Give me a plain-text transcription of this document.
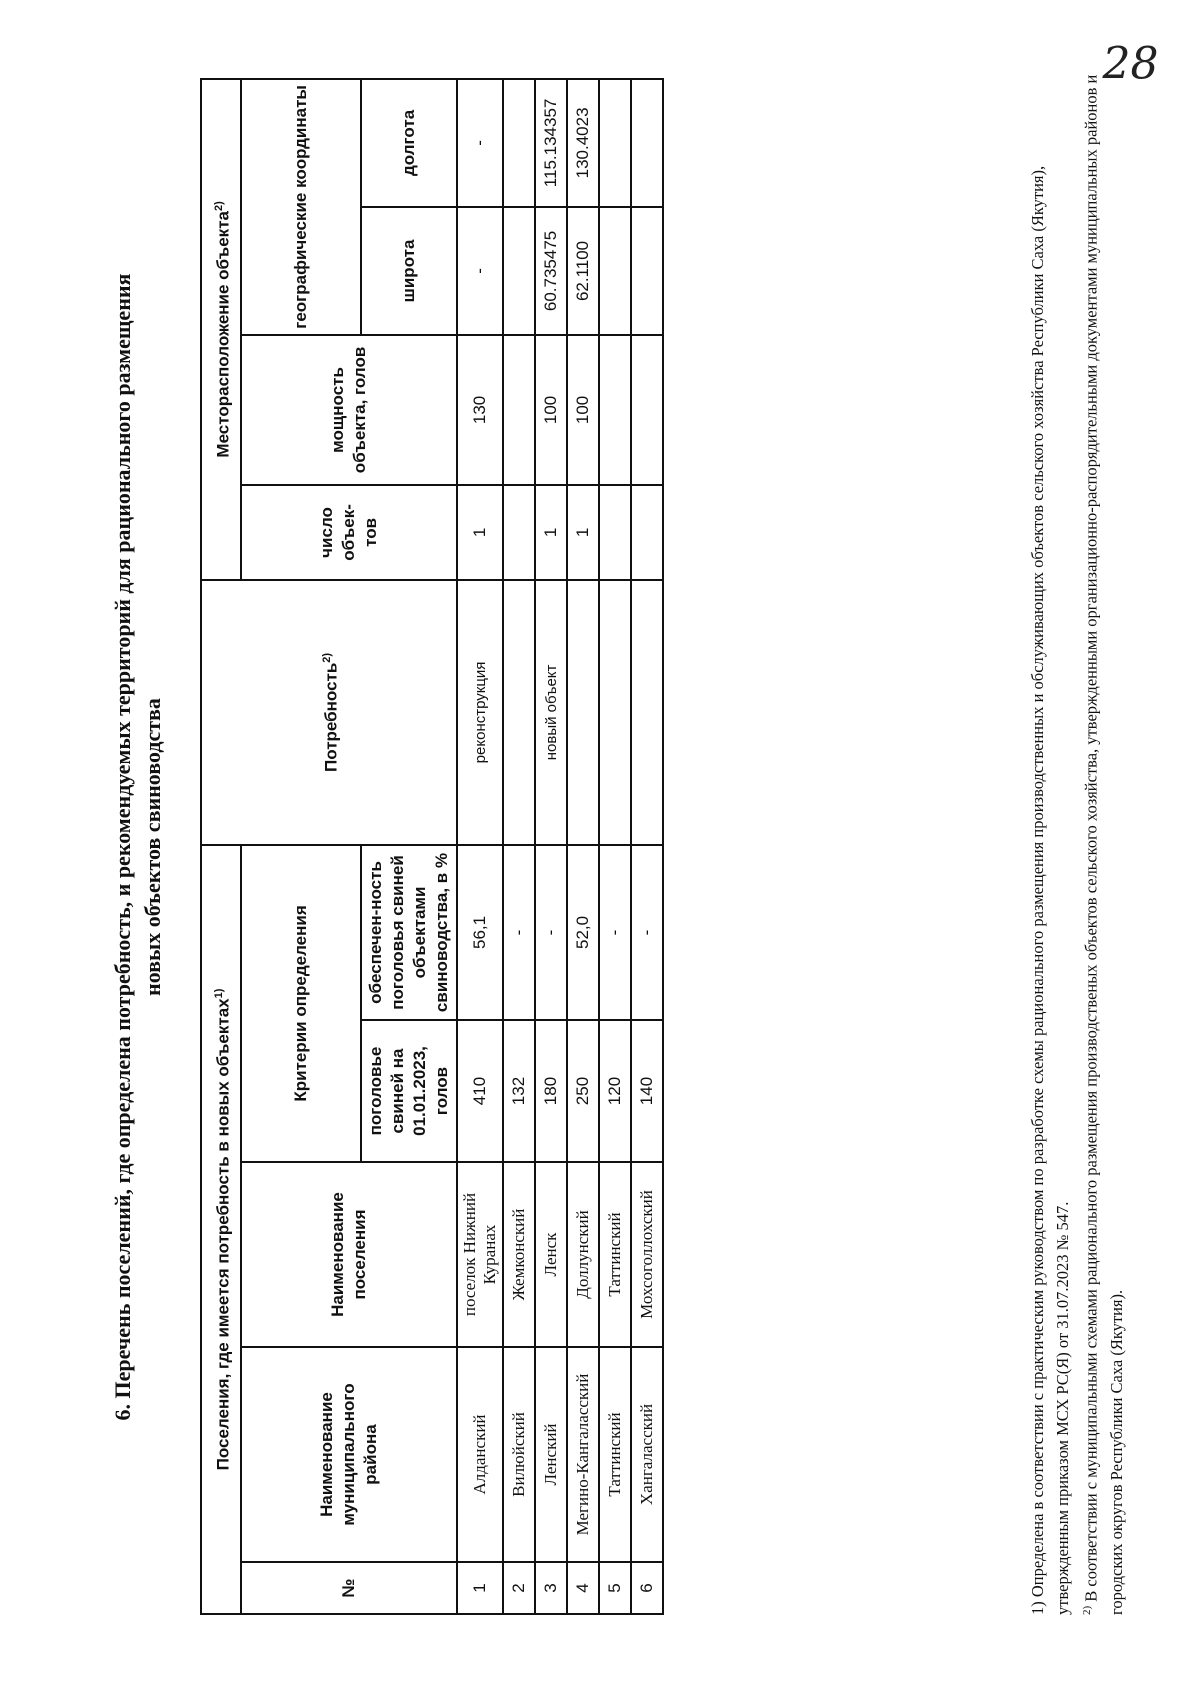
28
6. Перечень поселений, где определена потребность, и рекомендуемых территорий для рационального размещения новых объектов свиноводства
Поселения, где имеется потребность в новых объектах$^{1)}$					Потребность$^{2)}$	Месторасположение объекта$^{2)}$
№	Наименование муниципального района	Наименование поселения	Критерии определения			число объек-тов	мощность объекта, голов	географические координаты	
			поголовье свиней на 01.01.2023, голов	обеспечен-ность поголовья свиней объектами свиноводства, в %				широта	долгота
1	Алданский	поселок Нижний Куранах	410	56,1	реконструкция	1	130	-	-
2	Вилюйский	Жемконский	132	-					
3	Ленский	Ленск	180	-	новый объект	1	100	60.735475	115.134357
4	Мегино-Кангаласский	Доллунский	250	52,0		1	100	62.1100	130.4023
5	Таттинский	Таттинский	120	-					
6	Хангаласский	Мохсоголлохский	140	-						1) Определена в соответствии с практическим руководством по разработке схемы рационального размещения производственных и обслуживающих объектов сельского хозяйства Республики Саха (Якутия), утвержденным приказом МСХ РС(Я) от 31.07.2023 № 547. $^{2)}$ В соответствии с муниципальными схемами рационального размещения производственых объектов сельского хозяйства, утвержденными организационно-распорядительными документами муниципальных районов и городских округов Республики Саха (Якутия).
